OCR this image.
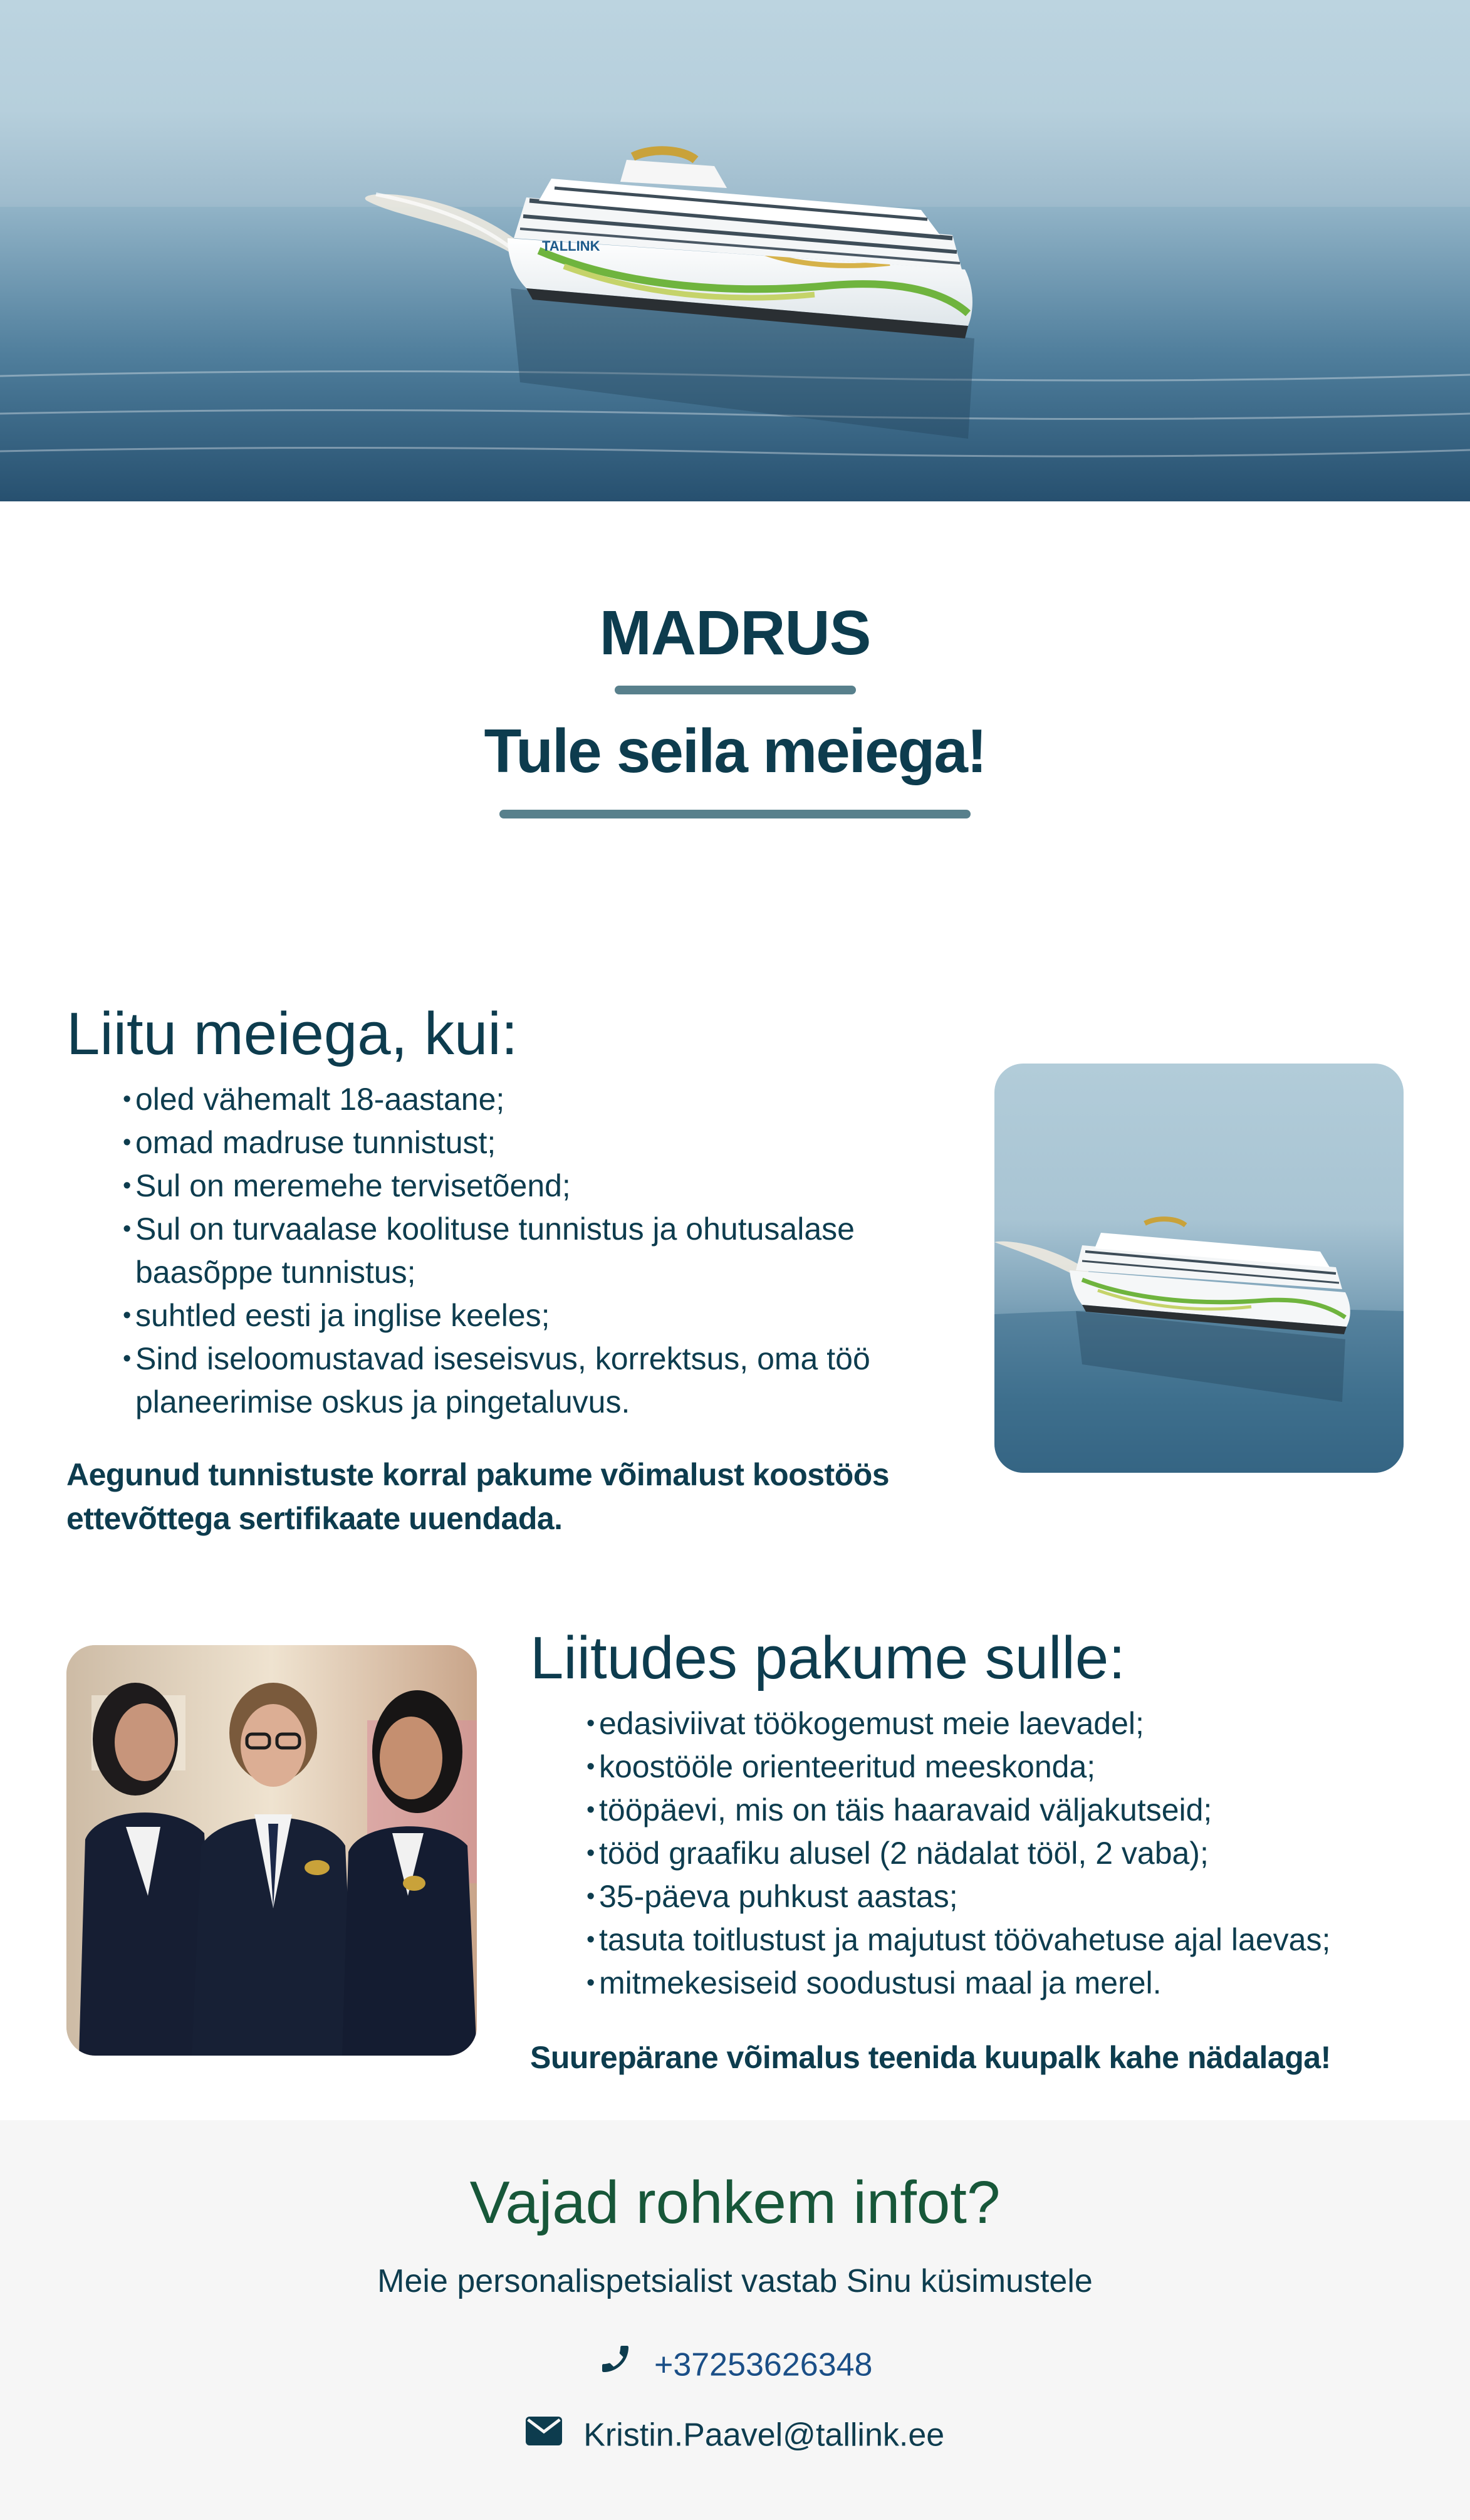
TALLINK
MADRUS
Tule seila meiega!
Liitu meiega, kui:
• oled vähemalt 18-aastane;
• omad madruse tunnistust;
• Sul on meremehe tervisetõend;
• Sul on turvaalase koolituse tunnistus ja ohutusalase baasõppe tunnistus;
• suhtled eesti ja inglise keeles;
• Sind iseloomustavad iseseisvus, korrektsus, oma töö planeerimise oskus ja pingetaluvus.
Aegunud tunnistuste korral pakume võimalust koostöös ettevõttega sertifikaate uuendada.
Liitudes pakume sulle:
• edasiviivat töökogemust meie laevadel;
• koostööle orienteeritud meeskonda;
• tööpäevi, mis on täis haaravaid väljakutseid;
• tööd graafiku alusel (2 nädalat tööl, 2 vaba);
• 35-päeva puhkust aastas;
• tasuta toitlustust ja majutust töövahetuse ajal laevas;
• mitmekesiseid soodustusi maal ja merel.
Suurepärane võimalus teenida kuupalk kahe nädalaga!
Vajad rohkem infot?
Meie personalispetsialist vastab Sinu küsimustele
+37253626348
Kristin.Paavel@tallink.ee
